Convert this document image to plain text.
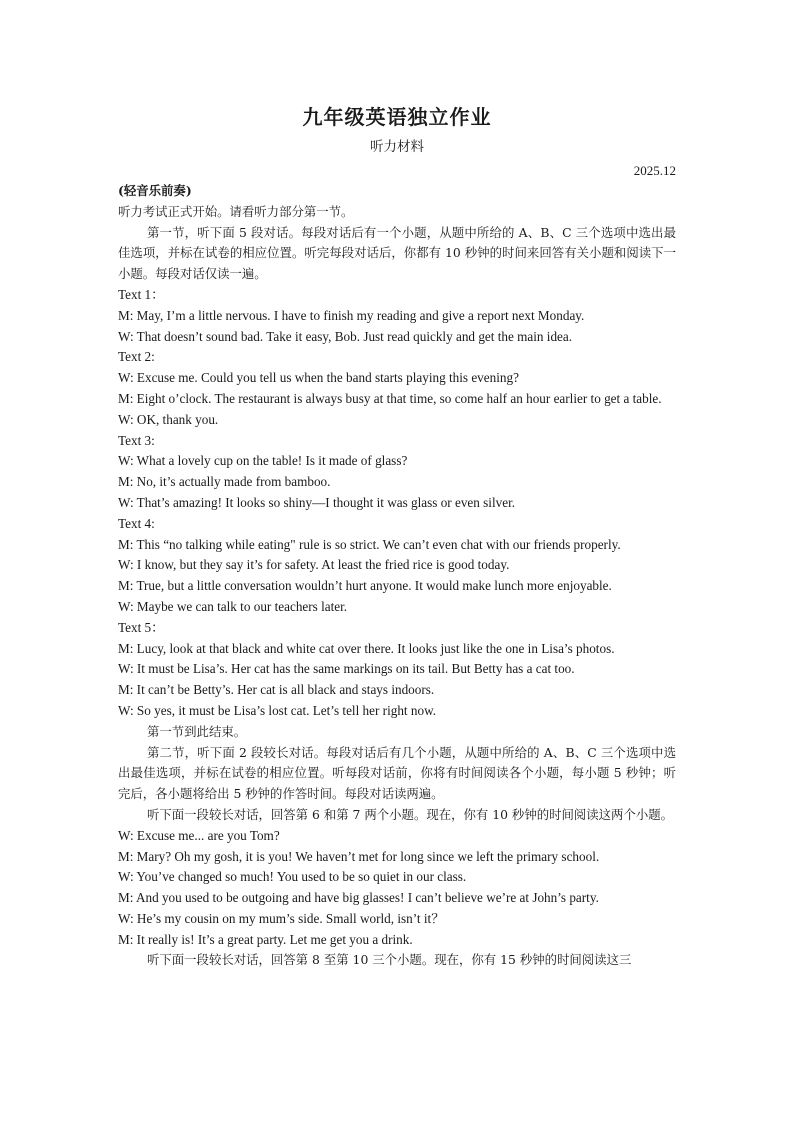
九年级英语独立作业
听力材料
2025.12
(轻音乐前奏)
听力考试正式开始。请看听力部分第一节。
第一节，听下面 5 段对话。每段对话后有一个小题，从题中所给的 A、B、C 三个选项中选出最佳选项，并标在试卷的相应位置。听完每段对话后，你都有 10 秒钟的时间来回答有关小题和阅读下一小题。每段对话仅读一遍。
Text 1：
M: May, I’m a little nervous. I have to finish my reading and give a report next Monday.
W: That doesn’t sound bad. Take it easy, Bob. Just read quickly and get the main idea.
Text 2:
W: Excuse me. Could you tell us when the band starts playing this evening?
M: Eight o’clock. The restaurant is always busy at that time, so come half an hour earlier to get a table.
W: OK, thank you.
Text 3:
W: What a lovely cup on the table! Is it made of glass?
M: No, it’s actually made from bamboo.
W: That’s amazing! It looks so shiny—I thought it was glass or even silver.
Text 4:
M: This “no talking while eating" rule is so strict. We can’t even chat with our friends properly.
W: I know, but they say it’s for safety. At least the fried rice is good today.
M: True, but a little conversation wouldn’t hurt anyone. It would make lunch more enjoyable.
W: Maybe we can talk to our teachers later.
Text 5：
M: Lucy, look at that black and white cat over there. It looks just like the one in Lisa’s photos.
W: It must be Lisa’s. Her cat has the same markings on its tail. But Betty has a cat too.
M: It can’t be Betty’s. Her cat is all black and stays indoors.
W: So yes, it must be Lisa’s lost cat. Let’s tell her right now.
第一节到此结束。
第二节，听下面 2 段较长对话。每段对话后有几个小题，从题中所给的 A、B、C 三个选项中选出最佳选项，并标在试卷的相应位置。听每段对话前，你将有时间阅读各个小题，每小题 5 秒钟；听完后，各小题将给出 5 秒钟的作答时间。每段对话读两遍。
听下面一段较长对话，回答第 6 和第 7 两个小题。现在，你有 10 秒钟的时间阅读这两个小题。
W: Excuse me... are you Tom?
M: Mary? Oh my gosh, it is you! We haven’t met for long since we left the primary school.
W: You’ve changed so much! You used to be so quiet in our class.
M: And you used to be outgoing and have big glasses! I can’t believe we’re at John’s party.
W: He’s my cousin on my mum’s side. Small world, isn’t it？
M: It really is! It’s a great party. Let me get you a drink.
听下面一段较长对话，回答第 8 至第 10 三个小题。现在，你有 15 秒钟的时间阅读这三
